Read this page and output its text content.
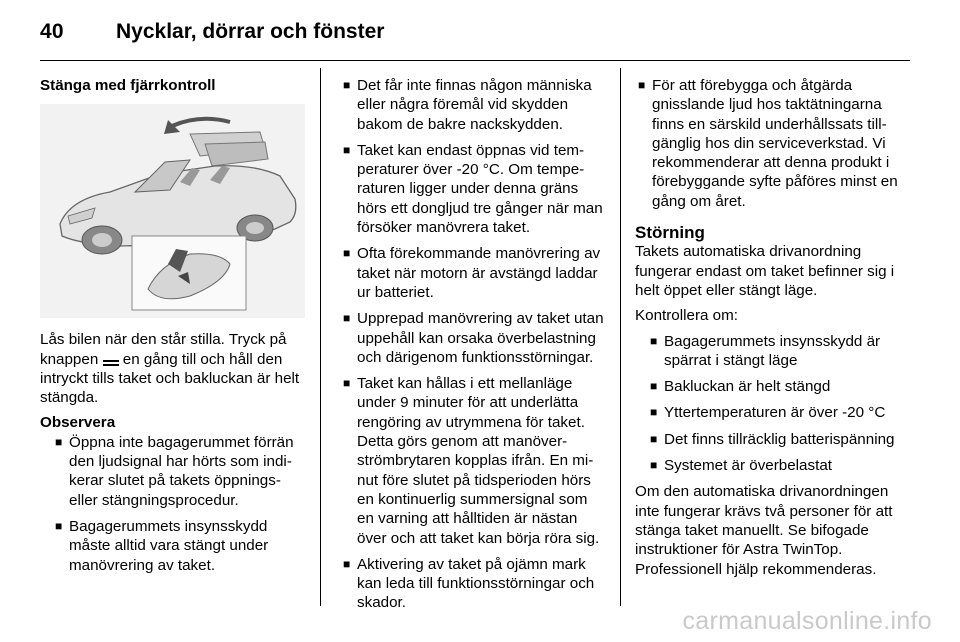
40 Nycklar, dörrar och fönster
Stänga med fjärrkontroll

Lås bilen när den står stilla. Tryck på knappen en gång till och håll den intryckt tills taket och bakluckan är helt stängda.

Observera
■ Öppna inte bagagerummet förrän den ljudsignal har hörts som indikerar slutet på takets öppnings- eller stängningsprocedur.
■ Bagagerummets insynsskydd måste alltid vara stängt under manövrering av taket.
■ Det får inte finnas någon människa eller några föremål vid skydden bakom de bakre nackskydden.
■ Taket kan endast öppnas vid temperaturer över -20 °C. Om temperaturen ligger under denna gräns hörs ett dongljud tre gånger när man försöker manövrera taket.
■ Ofta förekommande manövrering av taket när motorn är avstängd laddar ur batteriet.
■ Upprepad manövrering av taket utan uppehåll kan orsaka överbelastning och därigenom funktionsstörningar.
■ Taket kan hållas i ett mellanläge under 9 minuter för att underlätta rengöring av utrymmena för taket. Detta görs genom att manöverströmbrytaren kopplas ifrån. En minut före slutet på tidsperioden hörs en kontinuerlig summersignal som en varning att hålltiden är nästan över och att taket kan börja röra sig.
■ Aktivering av taket på ojämn mark kan leda till funktionsstörningar och skador.
■ För att förebygga och åtgärda gnisslande ljud hos taktätningarna finns en särskild underhållssats tillgänglig hos din serviceverkstad. Vi rekommenderar att denna produkt i förebyggande syfte påföres minst en gång om året.
Störning

Takets automatiska drivanordning fungerar endast om taket befinner sig i helt öppet eller stängt läge.

Kontrollera om:

■ Bagagerummets insynsskydd är spärrat i stängt läge
■ Bakluckan är helt stängd
■ Yttertemperaturen är över -20 °C
■ Det finns tillräcklig batterispänning
■ Systemet är överbelastat

Om den automatiska drivanordningen inte fungerar krävs två personer för att stänga taket manuellt. Se bifogade instruktioner för Astra TwinTop. Professionell hjälp rekommenderas.

carmanualsonline.info
